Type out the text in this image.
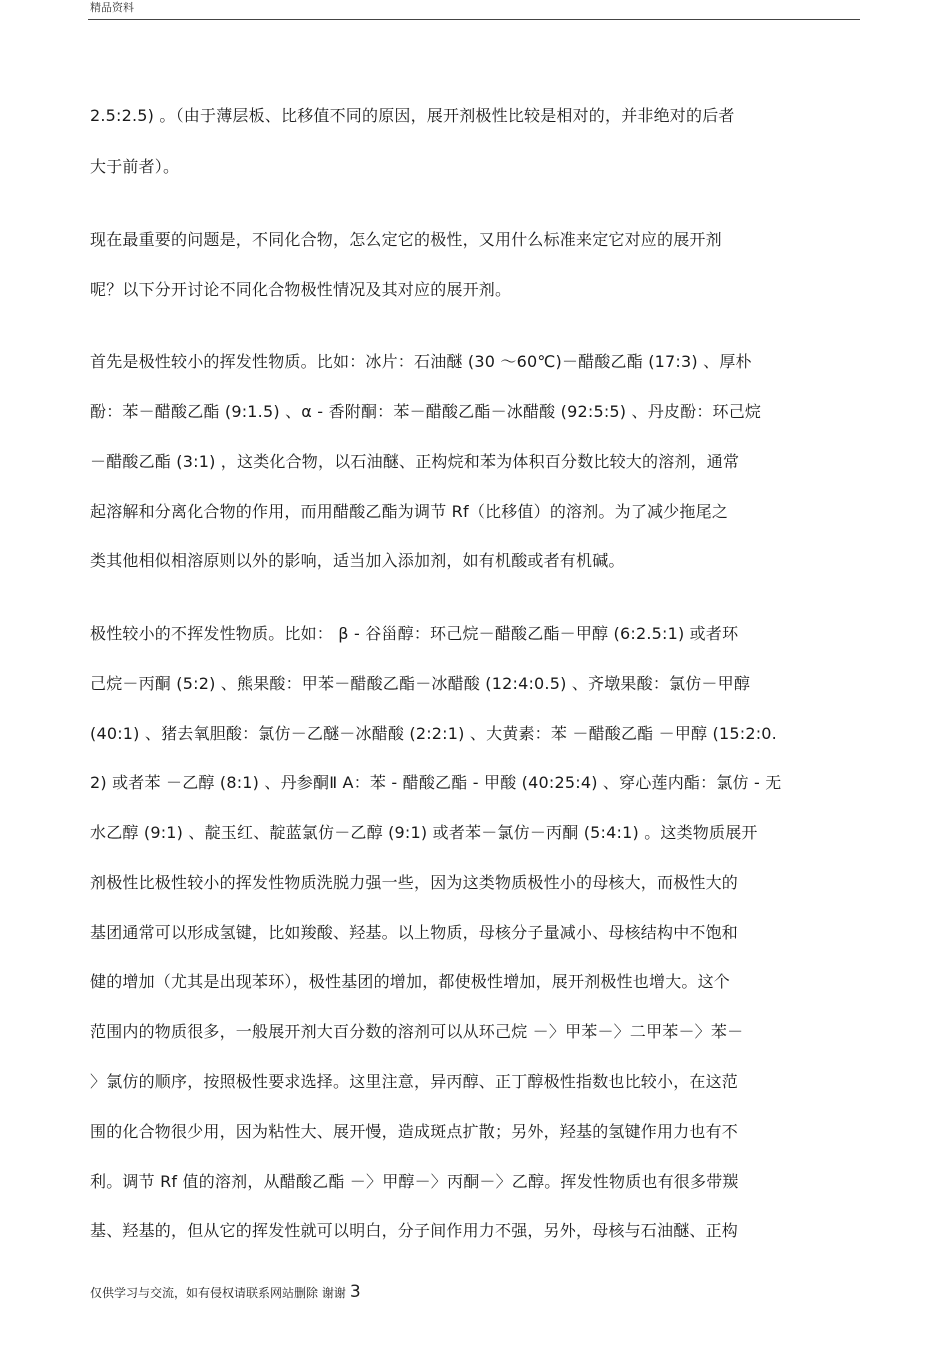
精品资料
2.5:2.5) 。（由于薄层板、比移值不同的原因，展开剂极性比较是相对的，并非绝对的后者
大于前者）。
现在最重要的问题是，不同化合物，怎么定它的极性，又用什么标准来定它对应的展开剂
呢？以下分开讨论不同化合物极性情况及其对应的展开剂。
首先是极性较小的挥发性物质。比如：冰片：石油醚 (30 ～60℃)－醋酸乙酯 (17:3) 、厚朴
酚：苯－醋酸乙酯 (9:1.5) 、α - 香附酮：苯－醋酸乙酯－冰醋酸 (92:5:5) 、丹皮酚：环己烷
－醋酸乙酯 (3:1) ，这类化合物，以石油醚、正构烷和苯为体积百分数比较大的溶剂，通常
起溶解和分离化合物的作用，而用醋酸乙酯为调节 Rf（比移值）的溶剂。为了减少拖尾之
类其他相似相溶原则以外的影响，适当加入添加剂，如有机酸或者有机碱。
极性较小的不挥发性物质。比如： β - 谷甾醇：环己烷－醋酸乙酯－甲醇 (6:2.5:1) 或者环
己烷－丙酮 (5:2) 、熊果酸：甲苯－醋酸乙酯－冰醋酸 (12:4:0.5) 、齐墩果酸：氯仿－甲醇
(40:1) 、猪去氧胆酸：氯仿－乙醚－冰醋酸 (2:2:1) 、大黄素：苯 －醋酸乙酯 －甲醇 (15:2:0.
2) 或者苯 －乙醇 (8:1) 、丹参酮Ⅱ A：苯 - 醋酸乙酯 - 甲酸 (40:25:4) 、穿心莲内酯：氯仿 - 无
水乙醇 (9:1) 、靛玉红、靛蓝氯仿－乙醇 (9:1) 或者苯－氯仿－丙酮 (5:4:1) 。这类物质展开
剂极性比极性较小的挥发性物质洗脱力强一些，因为这类物质极性小的母核大，而极性大的
基团通常可以形成氢键，比如羧酸、羟基。以上物质，母核分子量减小、母核结构中不饱和
健的增加（尤其是出现苯环），极性基团的增加，都使极性增加，展开剂极性也增大。这个
范围内的物质很多，一般展开剂大百分数的溶剂可以从环己烷 －〉甲苯－〉二甲苯－〉苯－
〉氯仿的顺序，按照极性要求选择。这里注意，异丙醇、正丁醇极性指数也比较小，在这范
围的化合物很少用，因为粘性大、展开慢，造成斑点扩散；另外，羟基的氢键作用力也有不
利。调节 Rf 值的溶剂，从醋酸乙酯 －〉甲醇－〉丙酮－〉乙醇。挥发性物质也有很多带羰
基、羟基的，但从它的挥发性就可以明白，分子间作用力不强，另外，母核与石油醚、正构
仅供学习与交流，如有侵权请联系网站删除 谢谢 3
